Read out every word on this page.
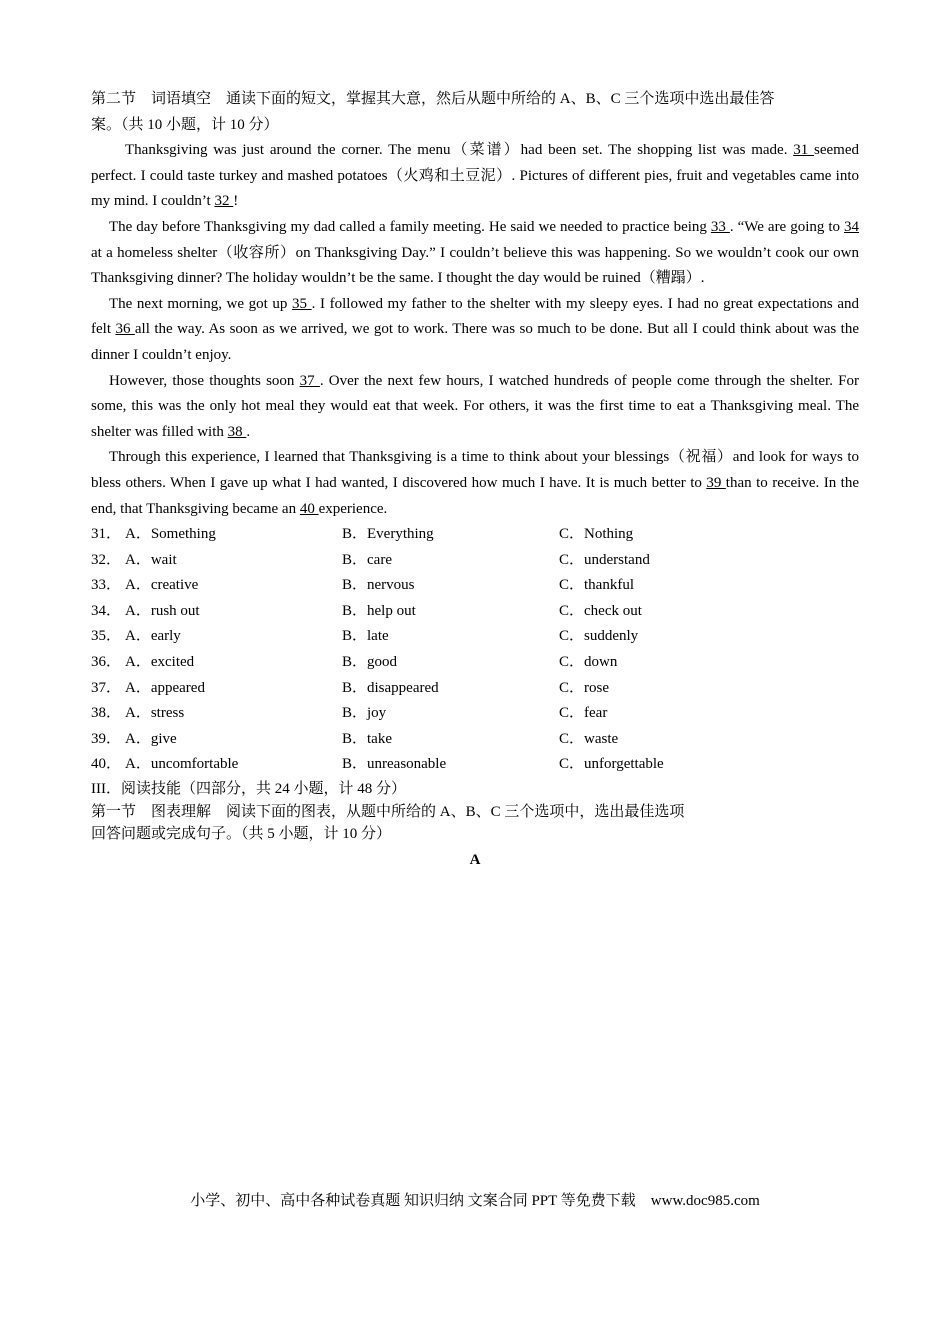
第二节　词语填空　通读下面的短文，掌握其大意，然后从题中所给的 A、B、C 三个选项中选出最佳答
案。（共 10 小题，计 10 分）

Thanksgiving was just around the corner. The menu（菜谱）had been set. The shopping list was made. 31 seemed perfect. I could taste turkey and mashed potatoes（火鸡和土豆泥）. Pictures of different pies, fruit and vegetables came into my mind. I couldn’t 32 !

The day before Thanksgiving my dad called a family meeting. He said we needed to practice being 33 . “We are going to 34 at a homeless shelter（收容所）on Thanksgiving Day.” I couldn’t believe this was happening. So we wouldn’t cook our own Thanksgiving dinner? The holiday wouldn’t be the same. I thought the day would be ruined（糟蹋）.

The next morning, we got up 35 . I followed my father to the shelter with my sleepy eyes. I had no great expectations and felt 36 all the way. As soon as we arrived, we got to work. There was so much to be done. But all I could think about was the dinner I couldn’t enjoy.

However, those thoughts soon 37 . Over the next few hours, I watched hundreds of people come through the shelter. For some, this was the only hot meal they would eat that week. For others, it was the first time to eat a Thanksgiving meal. The shelter was filled with 38 .

Through this experience, I learned that Thanksgiving is a time to think about your blessings（祝福）and look for ways to bless others. When I gave up what I had wanted, I discovered how much I have. It is much better to 39 than to receive. In the end, that Thanksgiving became an 40 experience.

31． A．Something	B．Everything	C．Nothing
32． A．wait	B．care	C．understand
33． A．creative	B．nervous	C．thankful
34． A．rush out	B．help out	C．check out
35． A．early	B．late	C．suddenly
36． A．excited	B．good	C．down
37． A．appeared	B．disappeared	C．rose
38． A．stress	B．joy	C．fear
39． A．give	B．take	C．waste
40． A．uncomfortable	B．unreasonable	C．unforgettable

III．阅读技能（四部分，共 24 小题，计 48 分）

第一节　图表理解　阅读下面的图表，从题中所给的 A、B、C 三个选项中，选出最佳选项

回答问题或完成句子。（共 5 小题，计 10 分）

A
小学、初中、高中各种试卷真题 知识归纳 文案合同 PPT 等免费下载　www.doc985.com
